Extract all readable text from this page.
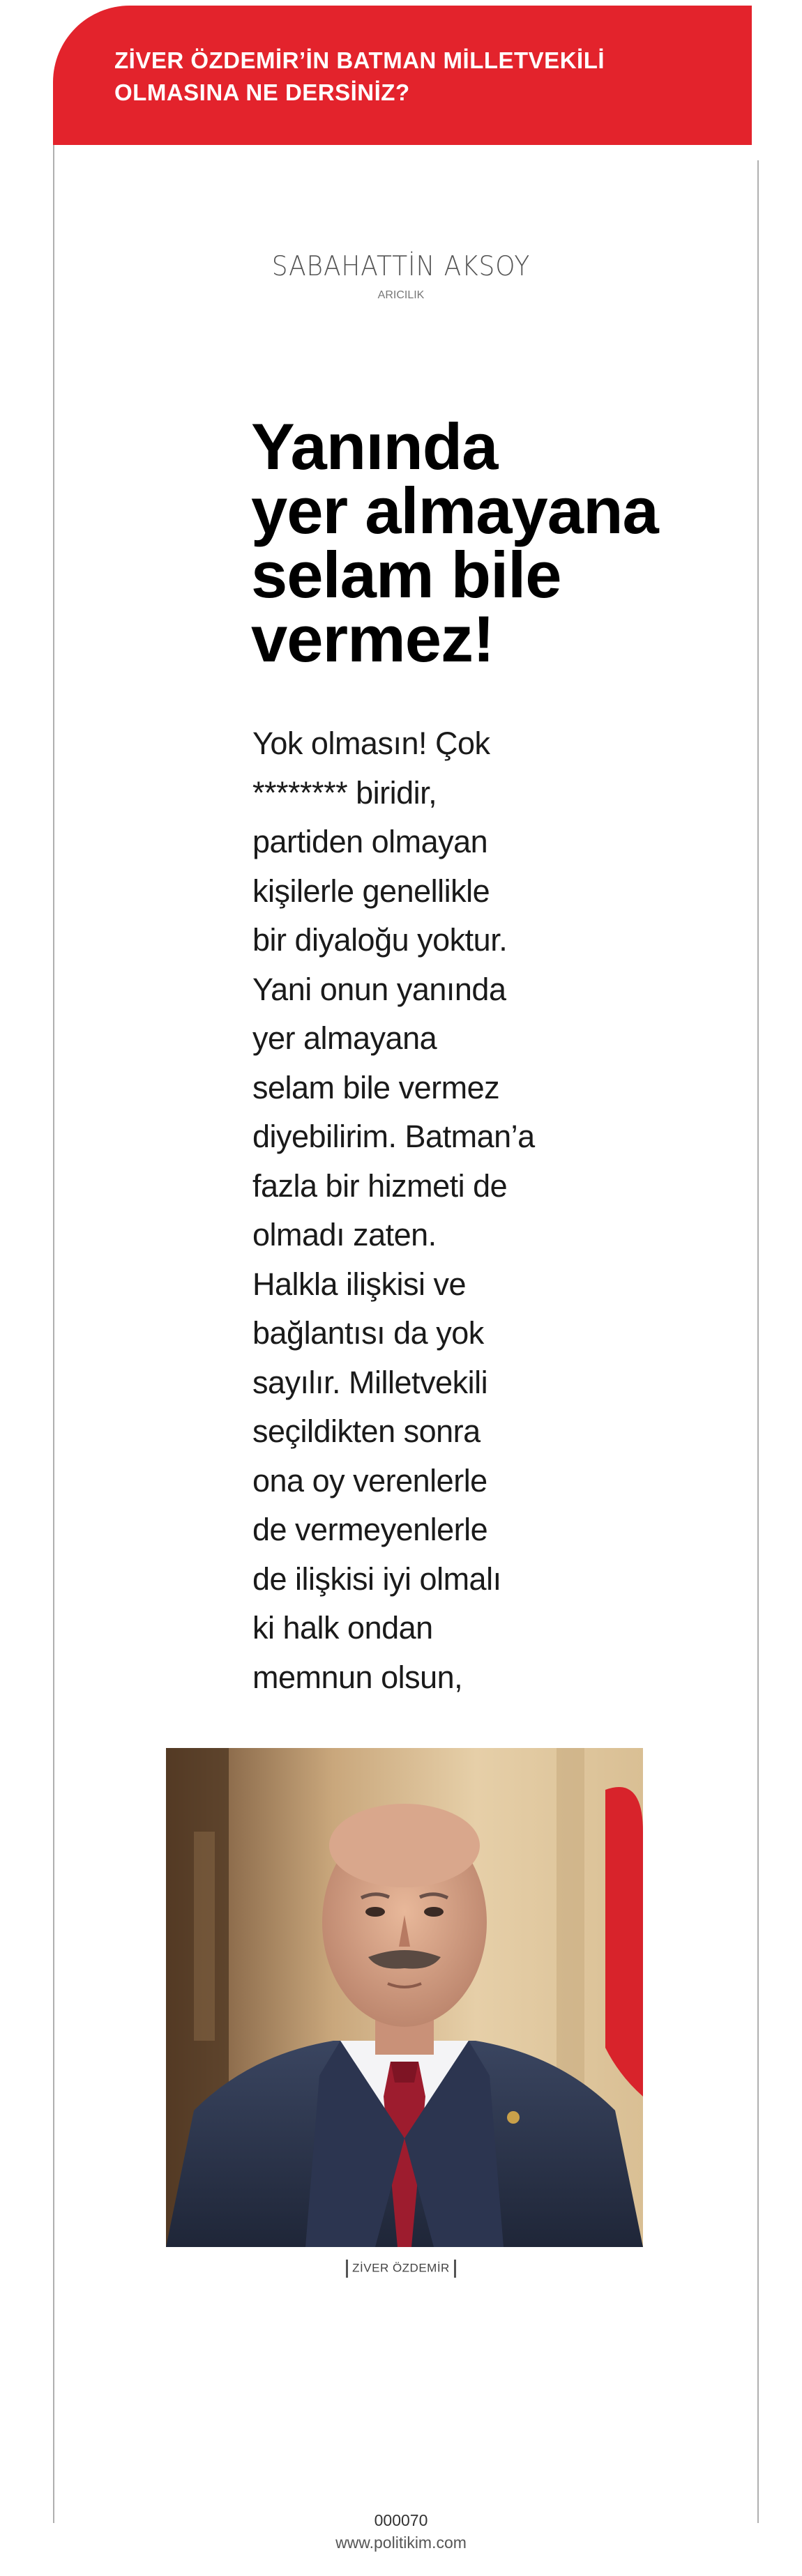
ZİVER ÖZDEMİR’İN BATMAN MİLLETVEKİLİ
OLMASINA NE DERSİNİZ?

SABAHATTİN AKSOY
ARICILIK
Yanında
yer almayana
selam bile
vermez!

Yok olmasın! Çok
******** biridir,
partiden olmayan
kişilerle genellikle
bir diyaloğu yoktur.
Yani onun yanında
yer almayana
selam bile vermez
diyebilirim. Batman’a
fazla bir hizmeti de
olmadı zaten.
Halkla ilişkisi ve
bağlantısı da yok
sayılır. Milletvekili
seçildikten sonra
ona oy verenlerle
de vermeyenlerle
de ilişkisi iyi olmalı
ki halk ondan
memnun olsun,

ZİVER ÖZDEMİR
000070
www.politikim.com
